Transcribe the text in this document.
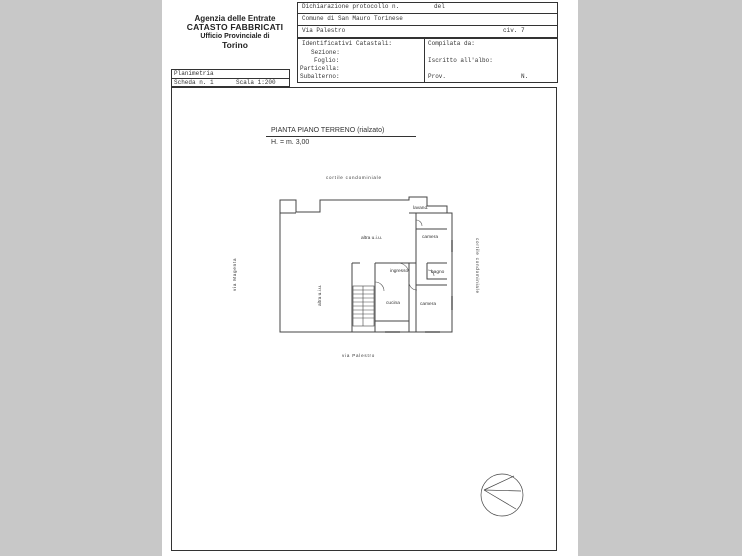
Agenzia delle Entrate
CATASTO FABBRICATI
Ufficio Provinciale di
Torino
Dichiarazione protocollo n.	del
Comune di San Mauro Torinese
Via Palestro	civ. 7
Identificativi Catastali:
Sezione:
Foglio:
Particella:
Subalterno:
Compilata da:
Iscritto all'albo:
Prov.	N.
Planimetria
Scheda n. 1	Scala 1:200
PIANTA PIANO TERRENO (rialzato)
H. = m. 3,00
cortile condominiale
via Palestro
via Magenta	cortile condominiale
altra u.i.u.
lavand.
camera
ingresso	bagno
cucina	camera
altra u.i.u.
